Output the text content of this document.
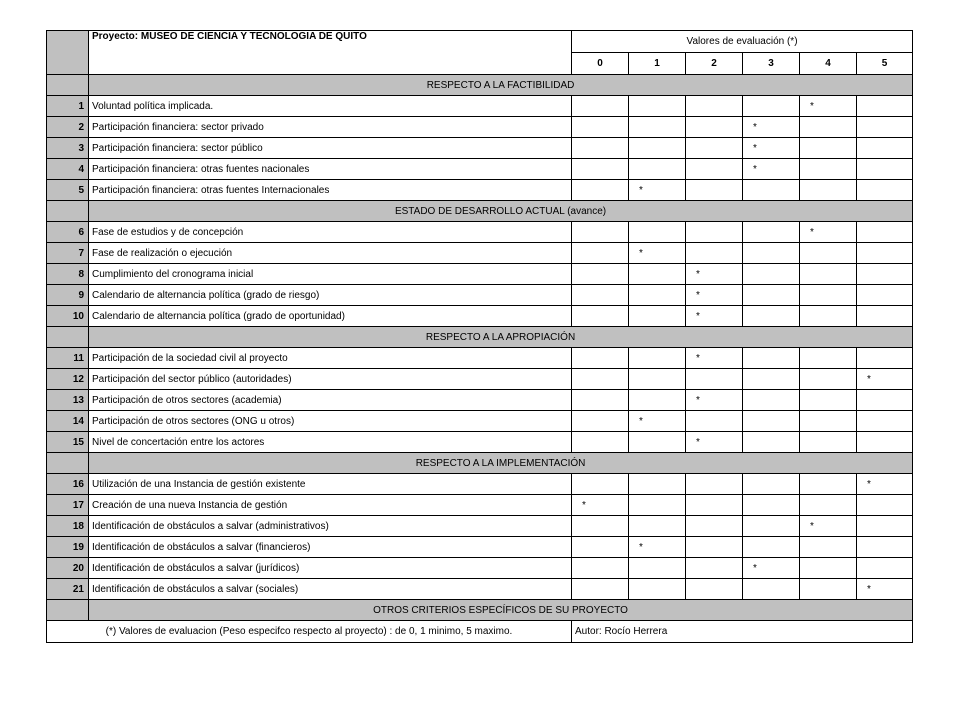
	Proyecto: MUSEO DE CIENCIA Y TECNOLOGIA DE QUITO	Valores de evaluación (*)					
		0	1	2	3	4	5
	RESPECTO A LA FACTIBILIDAD						
1	Voluntad política implicada.					*	
2	Participación financiera: sector privado				*		
3	Participación financiera: sector público				*		
4	Participación financiera: otras fuentes nacionales				*		
5	Participación financiera: otras fuentes Internacionales		*				
	ESTADO DE DESARROLLO ACTUAL (avance)						
6	Fase de estudios y de concepción					*	
7	Fase de realización o ejecución		*				
8	Cumplimiento del cronograma inicial			*			
9	Calendario de alternancia política (grado de riesgo)			*			
10	Calendario de alternancia política (grado de oportunidad)			*			
	RESPECTO A LA APROPIACIÓN						
11	Participación de la sociedad civil al proyecto			*			
12	Participación del sector público (autoridades)						*
13	Participación de otros sectores (academia)			*			
14	Participación de otros sectores (ONG u otros)		*				
15	Nivel de concertación entre los actores			*			
	RESPECTO A LA IMPLEMENTACIÓN						
16	Utilización de una Instancia de gestión existente						*
17	Creación de una nueva Instancia de gestión	*					
18	Identificación de obstáculos a salvar (administrativos)					*	
19	Identificación de obstáculos a salvar (financieros)		*				
20	Identificación de obstáculos a salvar (jurídicos)				*		
21	Identificación de obstáculos a salvar (sociales)						*
	OTROS CRITERIOS ESPECÍFICOS DE SU PROYECTO						
(*) Valores de evaluacion (Peso especifco respecto al proyecto) : de 0, 1 minimo, 5 maximo.		Autor: Rocío Herrera					
